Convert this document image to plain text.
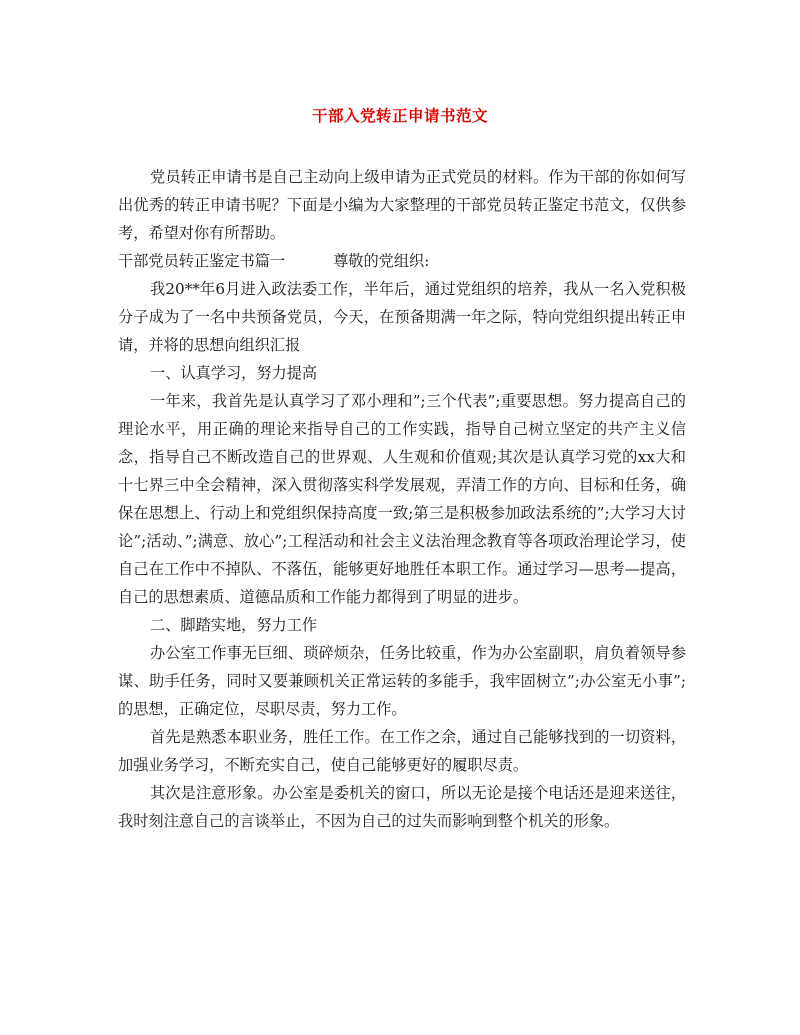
干部入党转正申请书范文

党员转正申请书是自己主动向上级申请为正式党员的材料。作为干部的你如何写出优秀的转正申请书呢？下面是小编为大家整理的干部党员转正鉴定书范文，仅供参考，希望对你有所帮助。

干部党员转正鉴定书篇一	尊敬的党组织:

我20**年6月进入政法委工作，半年后，通过党组织的培养，我从一名入党积极分子成为了一名中共预备党员，今天，在预备期满一年之际，特向党组织提出转正申请，并将的思想向组织汇报

一、认真学习，努力提高

一年来，我首先是认真学习了邓小理和”;三个代表”;重要思想。努力提高自己的理论水平，用正确的理论来指导自己的工作实践，指导自己树立坚定的共产主义信念，指导自己不断改造自己的世界观、人生观和价值观;其次是认真学习党的xx大和十七界三中全会精神，深入贯彻落实科学发展观，弄清工作的方向、目标和任务，确保在思想上、行动上和党组织保持高度一致;第三是积极参加政法系统的”;大学习大讨论”;活动、”;满意、放心”;工程活动和社会主义法治理念教育等各项政治理论学习，使自己在工作中不掉队、不落伍，能够更好地胜任本职工作。通过学习—思考—提高，自己的思想素质、道德品质和工作能力都得到了明显的进步。

二、脚踏实地，努力工作

办公室工作事无巨细、琐碎烦杂，任务比较重，作为办公室副职，肩负着领导参谋、助手任务，同时又要兼顾机关正常运转的多能手，我牢固树立”;办公室无小事”;的思想，正确定位，尽职尽责，努力工作。

首先是熟悉本职业务，胜任工作。在工作之余，通过自己能够找到的一切资料，加强业务学习，不断充实自己，使自己能够更好的履职尽责。

其次是注意形象。办公室是委机关的窗口，所以无论是接个电话还是迎来送往，我时刻注意自己的言谈举止，不因为自己的过失而影响到整个机关的形象。
